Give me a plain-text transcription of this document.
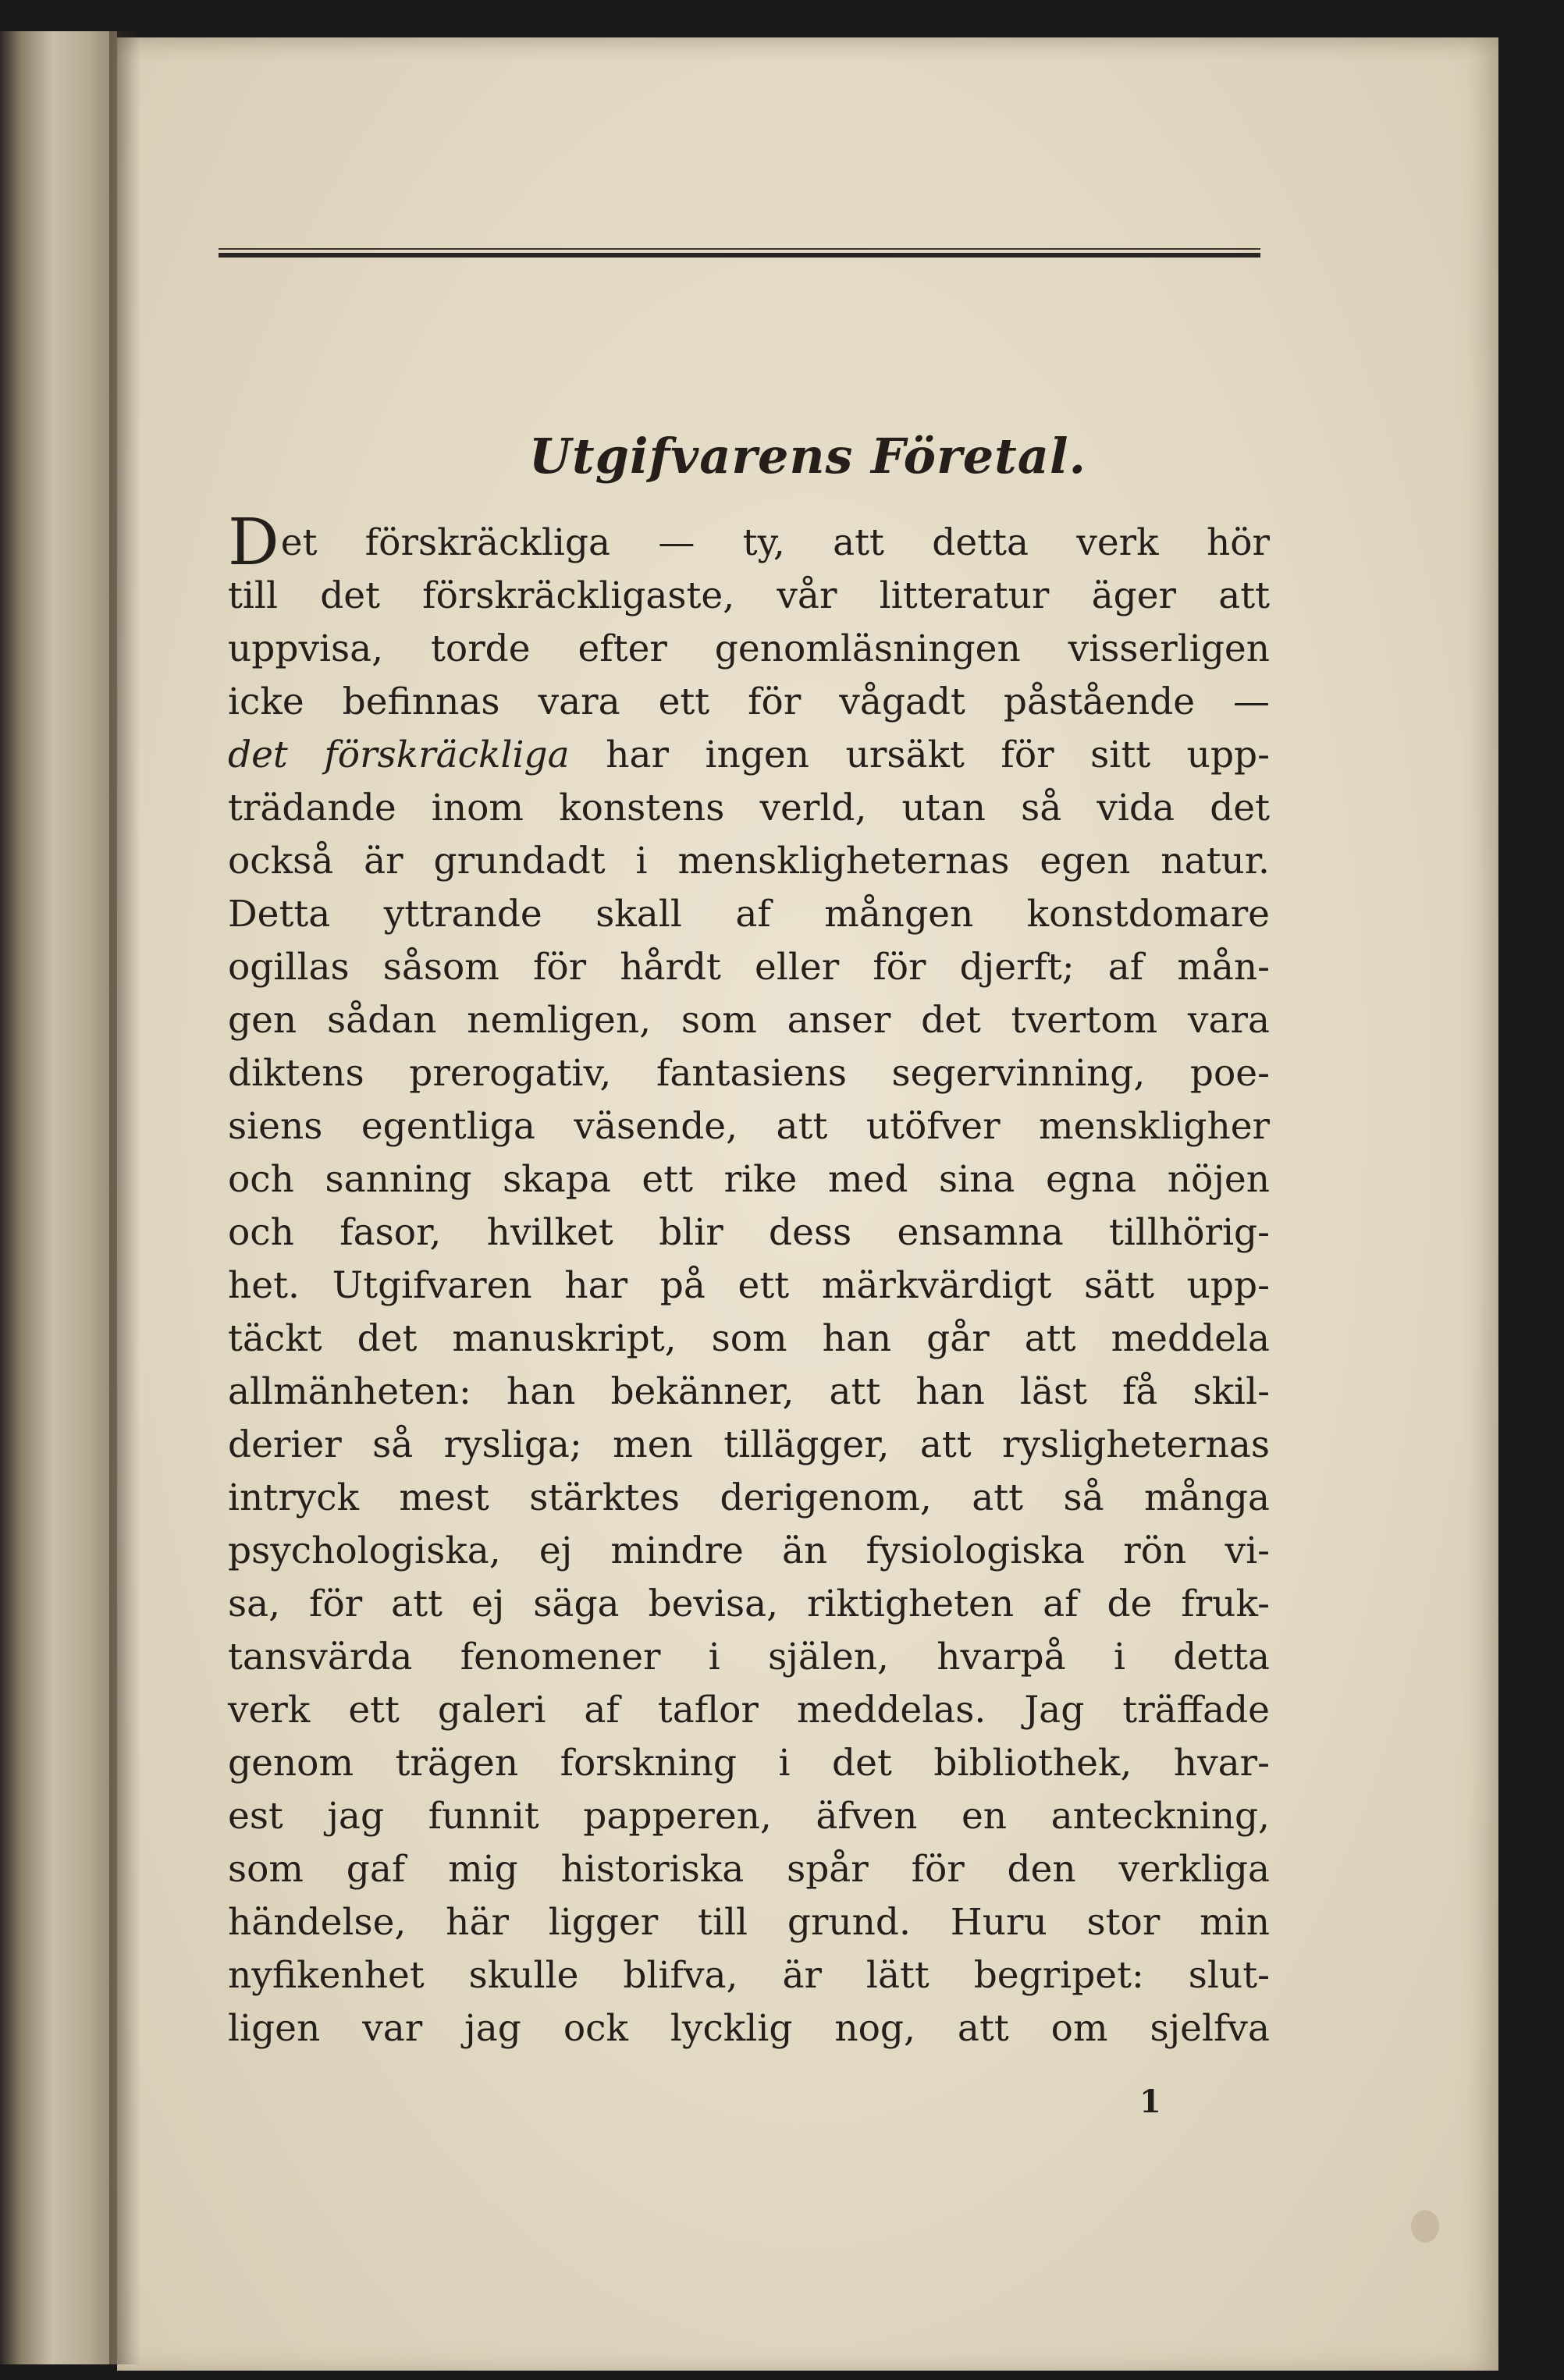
Utgifvarens Företal.
Det förskräckliga — ty, att detta verk hör
till det förskräckligaste, vår litteratur äger att
uppvisa, torde efter genomläsningen visserligen
icke befinnas vara ett för vågadt påstående —
det förskräckliga har ingen ursäkt för sitt upp-
trädande inom konstens verld, utan så vida det
också är grundadt i menskligheternas egen natur.
Detta yttrande skall af mången konstdomare
ogillas såsom för hårdt eller för djerft; af mån-
gen sådan nemligen, som anser det tvertom vara
diktens prerogativ, fantasiens segervinning, poe-
siens egentliga väsende, att utöfver menskligher
och sanning skapa ett rike med sina egna nöjen
och fasor, hvilket blir dess ensamna tillhörig-
het. Utgifvaren har på ett märkvärdigt sätt upp-
täckt det manuskript, som han går att meddela
allmänheten: han bekänner, att han läst få skil-
derier så rysliga; men tillägger, att rysligheternas
intryck mest stärktes derigenom, att så många
psychologiska, ej mindre än fysiologiska rön vi-
sa, för att ej säga bevisa, riktigheten af de fruk-
tansvärda fenomener i själen, hvarpå i detta
verk ett galeri af taflor meddelas. Jag träffade
genom trägen forskning i det bibliothek, hvar-
est jag funnit papperen, äfven en anteckning,
som gaf mig historiska spår för den verkliga
händelse, här ligger till grund. Huru stor min
nyfikenhet skulle blifva, är lätt begripet: slut-
ligen var jag ock lycklig nog, att om sjelfva

1
